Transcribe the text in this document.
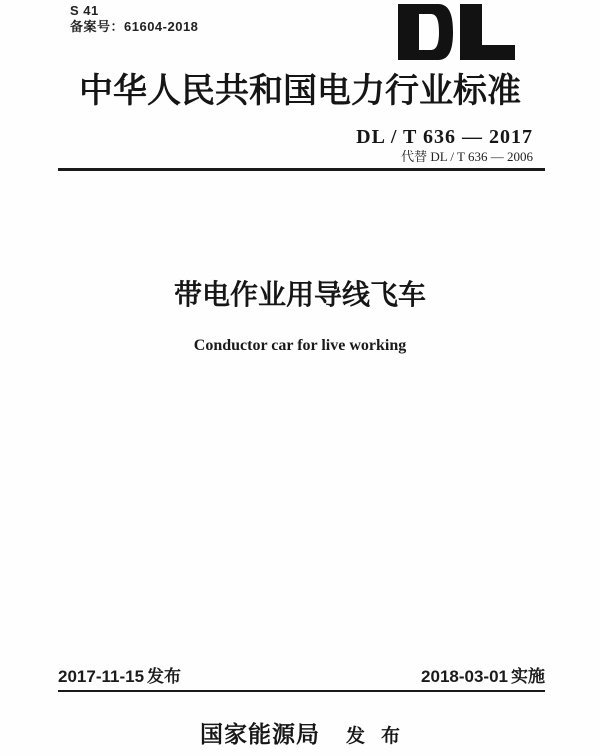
S 41
备案号：61604-2018
中华人民共和国电力行业标准
DL / T 636 — 2017
代替 DL / T 636 — 2006
带电作业用导线飞车
Conductor car for live working
2017-11-15 发布	2018-03-01 实施
国家能源局 发布
